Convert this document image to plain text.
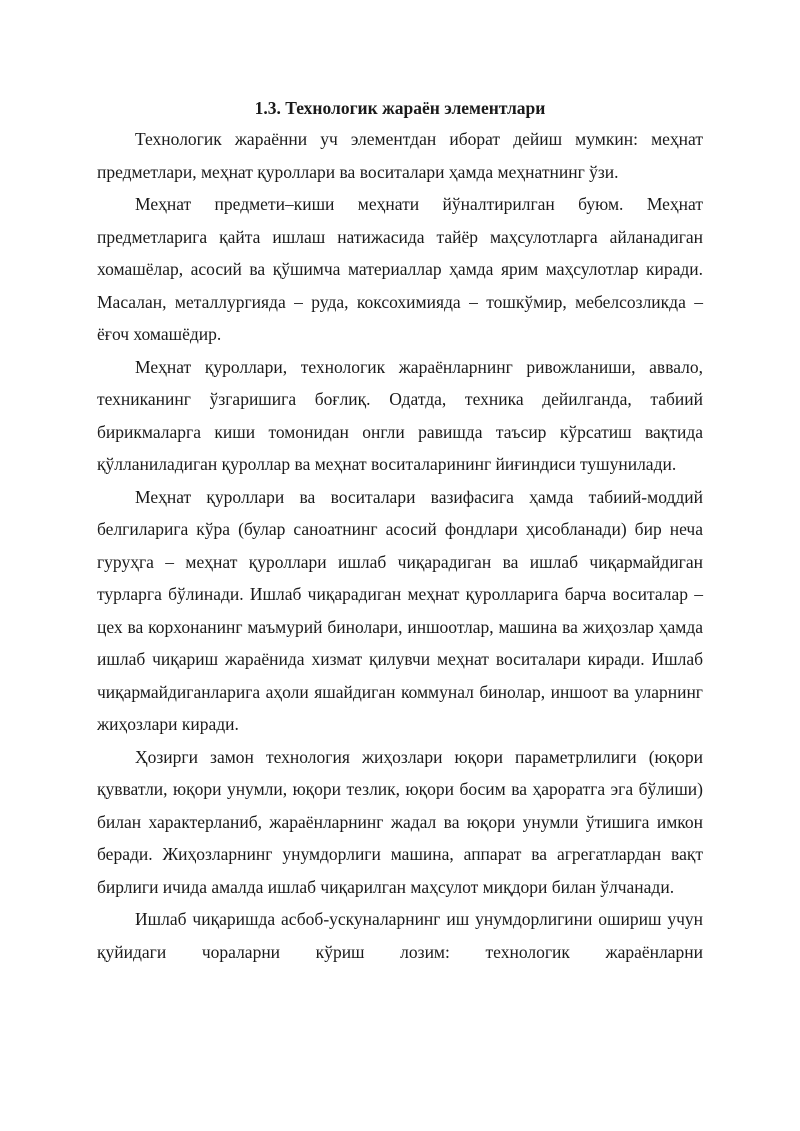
1.3. Технологик жараён элементлари

Технологик жараённи уч элементдан иборат дейиш мумкин: меҳнат предметлари, меҳнат қуроллари ва воситалари ҳамда меҳнатнинг ўзи.

Меҳнат предмети–киши меҳнати йўналтирилган буюм. Меҳнат предметларига қайта ишлаш натижасида тайёр маҳсулотларга айланадиган хомашёлар, асосий ва қўшимча материаллар ҳамда ярим маҳсулотлар киради. Масалан, металлургияда – руда, коксохимияда – тошкўмир, мебелсозликда – ёғоч хомашёдир.

Меҳнат қуроллари, технологик жараёнларнинг ривожланиши, аввало, техниканинг ўзгаришига боғлиқ. Одатда, техника дейилганда, табиий бирикмаларга киши томонидан онгли равишда таъсир кўрсатиш вақтида қўлланиладиган қуроллар ва меҳнат воситаларининг йиғиндиси тушунилади.

Меҳнат қуроллари ва воситалари вазифасига ҳамда табиий-моддий белгиларига кўра (булар саноатнинг асосий фондлари ҳисобланади) бир неча гуруҳга – меҳнат қуроллари ишлаб чиқарадиган ва ишлаб чиқармайдиган турларга бўлинади. Ишлаб чиқарадиган меҳнат қуролларига барча воситалар – цех ва корхонанинг маъмурий бинолари, иншоотлар, машина ва жиҳозлар ҳамда ишлаб чиқариш жараёнида хизмат қилувчи меҳнат воситалари киради. Ишлаб чиқармайдиганларига аҳоли яшайдиган коммунал бинолар, иншоот ва уларнинг жиҳозлари киради.

Ҳозирги замон технология жиҳозлари юқори параметрлилиги (юқори қувватли, юқори унумли, юқори тезлик, юқори босим ва ҳароратга эга бўлиши) билан характерланиб, жараёнларнинг жадал ва юқори унумли ўтишига имкон беради. Жиҳозларнинг унумдорлиги машина, аппарат ва агрегатлардан вақт бирлиги ичида амалда ишлаб чиқарилган маҳсулот миқдори билан ўлчанади.

Ишлаб чиқаришда асбоб-ускуналарнинг иш унумдорлигини ошириш учун қуйидаги чораларни кўриш лозим: технологик жараёнларни
